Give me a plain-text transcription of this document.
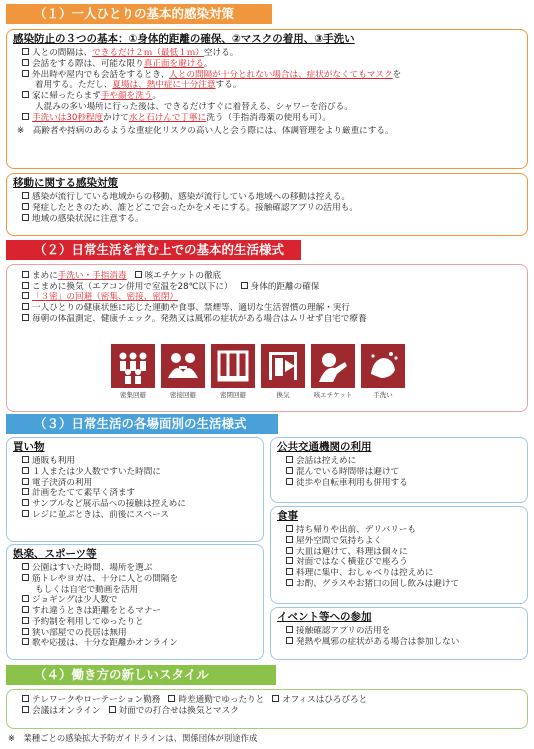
（１）一人ひとりの基本的感染対策
感染防止の３つの基本：①身体的距離の確保、②マスクの着用、③手洗い
人との間隔は、できるだけ２ｍ（最低１ｍ）空ける。
会話をする際は、可能な限り真正面を避ける。
外出時や屋内でも会話をするとき、人との間隔が十分とれない場合は、症状がなくてもマスクを
着用する。ただし、夏場は、熱中症に十分注意する。
家に帰ったらまず手や顔を洗う。
人混みの多い場所に行った後は、できるだけすぐに着替える、シャワーを浴びる。
手洗いは30秒程度かけて水と石けんで丁寧に洗う（手指消毒薬の使用も可）。
※　高齢者や持病のあるような重症化リスクの高い人と会う際には、体調管理をより厳重にする。
移動に関する感染対策
感染が流行している地域からの移動、感染が流行している地域への移動は控える。
発症したときのため、誰とどこで会ったかをメモにする。接触確認アプリの活用も。
地域の感染状況に注意する。
（２）日常生活を営む上での基本的生活様式
まめに手洗い・手指消毒	咳エチケットの徹底
こまめに換気（エアコン併用で室温を28℃以下に）	身体的距離の確保
「３密」の回避（密集、密接、密閉）
一人ひとりの健康状態に応じた運動や食事、禁煙等、適切な生活習慣の理解・実行
毎朝の体温測定、健康チェック。発熱又は風邪の症状がある場合はムリせず自宅で療養
密集回避	密接回避	密閉回避	換気	咳エチケット	手洗い
（３）日常生活の各場面別の生活様式
買い物
通販も利用
１人または少人数ですいた時間に
電子決済の利用
計画をたてて素早く済ます
サンプルなど展示品への接触は控えめに
レジに並ぶときは、前後にスペース
娯楽、スポーツ等
公園はすいた時間、場所を選ぶ
筋トレやヨガは、十分に人との間隔を
もしくは自宅で動画を活用
ジョギングは少人数で
すれ違うときは距離をとるマナー
予約制を利用してゆったりと
狭い部屋での長居は無用
歌や応援は、十分な距離かオンライン
公共交通機関の利用
会話は控えめに
混んでいる時間帯は避けて
徒歩や自転車利用も併用する
食事
持ち帰りや出前、デリバリーも
屋外空間で気持ちよく
大皿は避けて、料理は個々に
対面ではなく横並びで座ろう
料理に集中、おしゃべりは控えめに
お酌、グラスやお猪口の回し飲みは避けて
イベント等への参加
接触確認アプリの活用を
発熱や風邪の症状がある場合は参加しない
（４）働き方の新しいスタイル
テレワークやローテーション勤務	時差通勤でゆったりと	オフィスはひろびろと
会議はオンライン	対面での打合せは換気とマスク
※　業種ごとの感染拡大予防ガイドラインは、関係団体が別途作成
